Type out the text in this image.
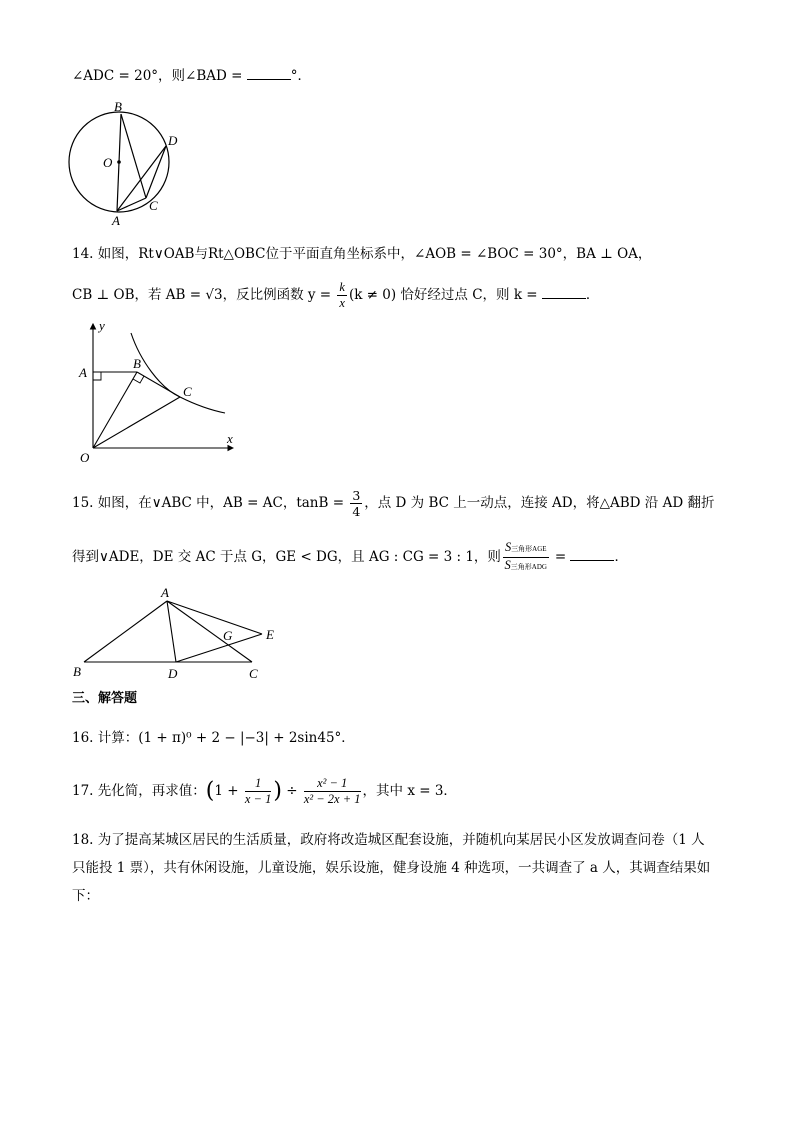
∠ADC = 20°，则∠BAD =	°．
B
D
O
C
A
14. 如图，Rt∨OAB与Rt△OBC位于平面直角坐标系中，∠AOB = ∠BOC = 30°，BA ⊥ OA，
CB ⊥ OB，若 AB = √3，反比例函数 $y = \frac{k}{x} (k \ne 0)$ 恰好经过点 C，则 k =	．
y
x
A
B
C
O
15. 如图，在∨ABC 中，AB = AC，$\tan B = \frac{3}{4}$ ，点 D 为 BC 上一动点，连接 AD，将△ABD 沿 AD 翻折
得到∨ADE，DE 交 AC 于点 G，GE < DG，且 AG : CG = 3 : 1，则 $\frac{\text{S三角形AGE}}{\text{S三角形ADG}}$ =	．
A
G	E
B	D	C
三、解答题
16. 计算：(1 + π)⁰ + 2 − |−3| + 2sin45°．
17. 先化简，再求值：($1 + \frac{1}{x - 1}$ ) ÷ $\frac{\text{x² − 1}}{\text{x² − 2x + 1}}$ ，其中 x = 3．
18. 为了提高某城区居民的生活质量，政府将改造城区配套设施，并随机向某居民小区发放调查问卷（1 人
只能投 1 票），共有休闲设施，儿童设施，娱乐设施，健身设施 4 种选项，一共调查了 a 人，其调查结果如
下：
